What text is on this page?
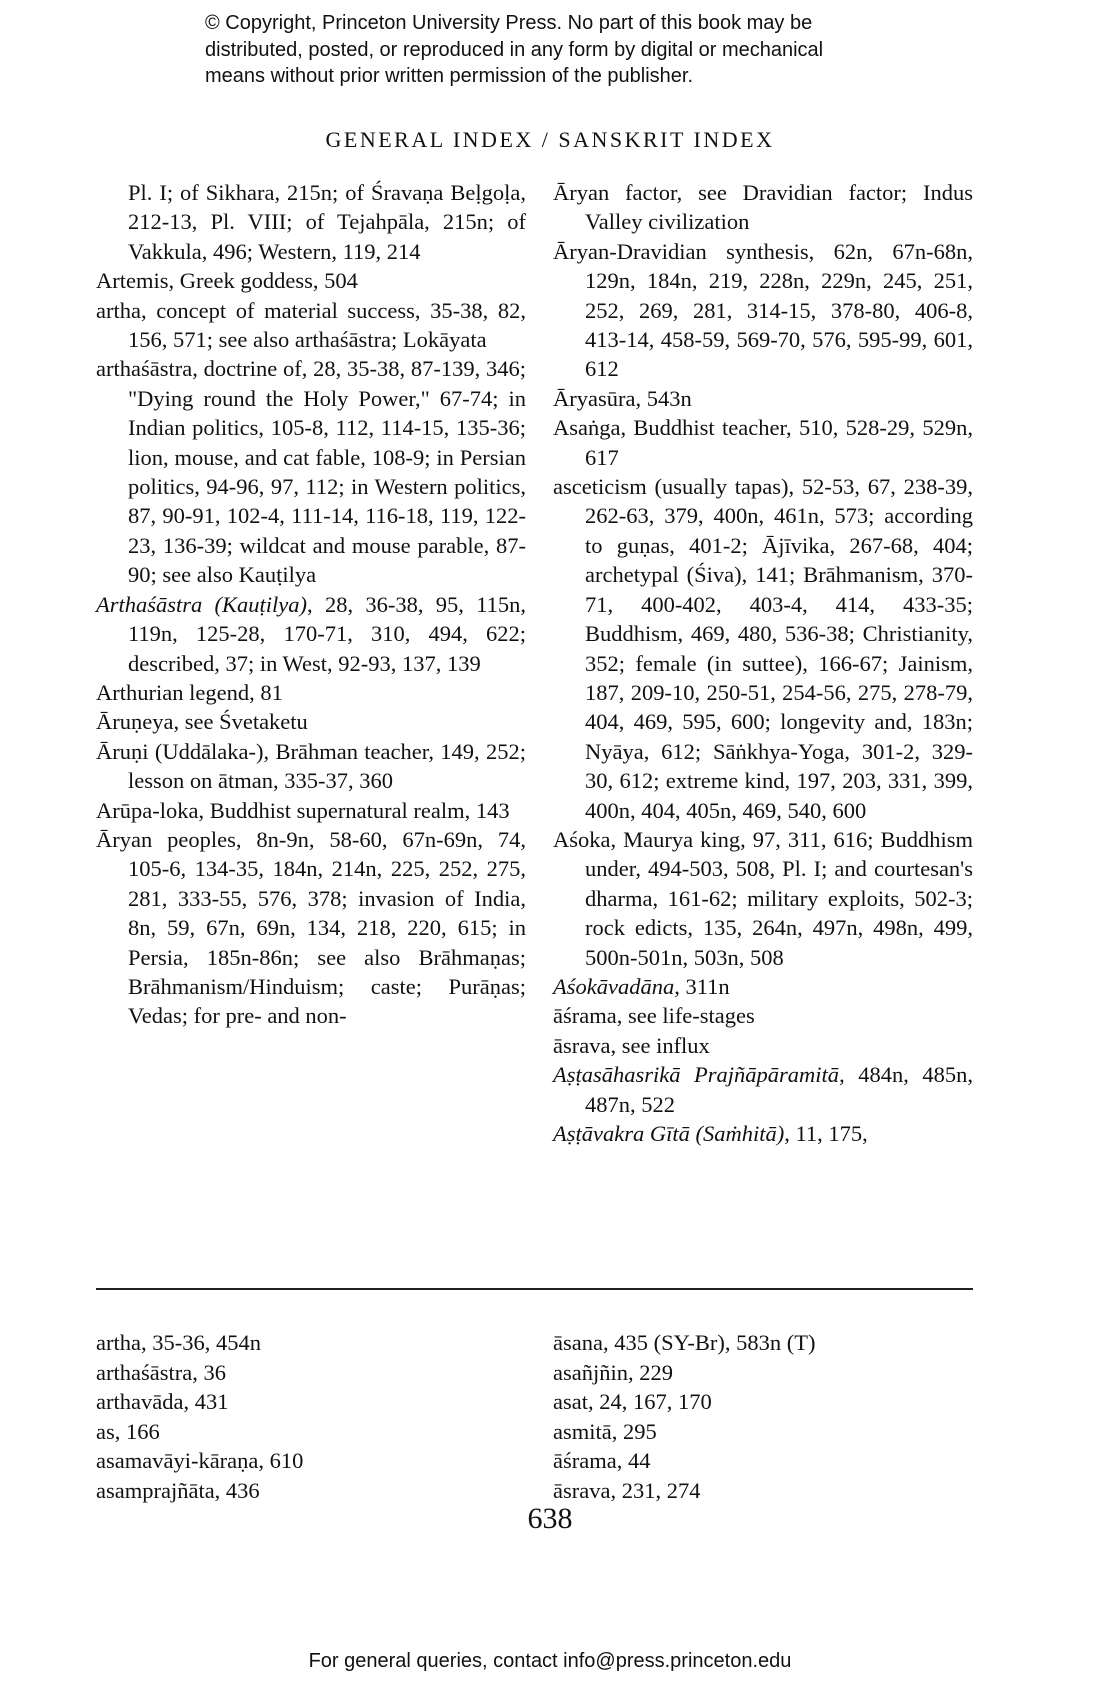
© Copyright, Princeton University Press. No part of this book may be
distributed, posted, or reproduced in any form by digital or mechanical
means without prior written permission of the publisher.
GENERAL INDEX / SANSKRIT INDEX
Pl. I; of Sikhara, 215n; of Śravaṇa Beḷgoḷa, 212-13, Pl. VIII; of Tejahpāla, 215n; of Vakkula, 496; Western, 119, 214
Artemis, Greek goddess, 504
artha, concept of material success, 35-38, 82, 156, 571; see also arthaśāstra; Lokāyata
arthaśāstra, doctrine of, 28, 35-38, 87-139, 346; "Dying round the Holy Power," 67-74; in Indian politics, 105-8, 112, 114-15, 135-36; lion, mouse, and cat fable, 108-9; in Persian politics, 94-96, 97, 112; in Western politics, 87, 90-91, 102-4, 111-14, 116-18, 119, 122-23, 136-39; wildcat and mouse parable, 87-90; see also Kauṭilya
Arthaśāstra (Kauṭilya), 28, 36-38, 95, 115n, 119n, 125-28, 170-71, 310, 494, 622; described, 37; in West, 92-93, 137, 139
Arthurian legend, 81
Āruṇeya, see Śvetaketu
Āruṇi (Uddālaka-), Brāhman teacher, 149, 252; lesson on ātman, 335-37, 360
Arūpa-loka, Buddhist supernatural realm, 143
Āryan peoples, 8n-9n, 58-60, 67n-69n, 74, 105-6, 134-35, 184n, 214n, 225, 252, 275, 281, 333-55, 576, 378; invasion of India, 8n, 59, 67n, 69n, 134, 218, 220, 615; in Persia, 185n-86n; see also Brāhmaṇas; Brāhmanism/Hinduism; caste; Purāṇas; Vedas; for pre- and non-
Āryan factor, see Dravidian factor; Indus Valley civilization
Āryan-Dravidian synthesis, 62n, 67n-68n, 129n, 184n, 219, 228n, 229n, 245, 251, 252, 269, 281, 314-15, 378-80, 406-8, 413-14, 458-59, 569-70, 576, 595-99, 601, 612
Āryasūra, 543n
Asaṅga, Buddhist teacher, 510, 528-29, 529n, 617
asceticism (usually tapas), 52-53, 67, 238-39, 262-63, 379, 400n, 461n, 573; according to guṇas, 401-2; Ājīvika, 267-68, 404; archetypal (Śiva), 141; Brāhmanism, 370-71, 400-402, 403-4, 414, 433-35; Buddhism, 469, 480, 536-38; Christianity, 352; female (in suttee), 166-67; Jainism, 187, 209-10, 250-51, 254-56, 275, 278-79, 404, 469, 595, 600; longevity and, 183n; Nyāya, 612; Sāṅkhya-Yoga, 301-2, 329-30, 612; extreme kind, 197, 203, 331, 399, 400n, 404, 405n, 469, 540, 600
Aśoka, Maurya king, 97, 311, 616; Buddhism under, 494-503, 508, Pl. I; and courtesan's dharma, 161-62; military exploits, 502-3; rock edicts, 135, 264n, 497n, 498n, 499, 500n-501n, 503n, 508
Aśokāvadāna, 311n
āśrama, see life-stages
āsrava, see influx
Aṣṭasāhasrikā Prajñāpāramitā, 484n, 485n, 487n, 522
Aṣṭāvakra Gītā (Saṁhitā), 11, 175,
artha, 35-36, 454n
arthaśāstra, 36
arthavāda, 431
as, 166
asamavāyi-kāraṇa, 610
asamprajñāta, 436
āsana, 435 (SY-Br), 583n (T)
asañjñin, 229
asat, 24, 167, 170
asmitā, 295
āśrama, 44
āsrava, 231, 274
638
For general queries, contact info@press.princeton.edu
